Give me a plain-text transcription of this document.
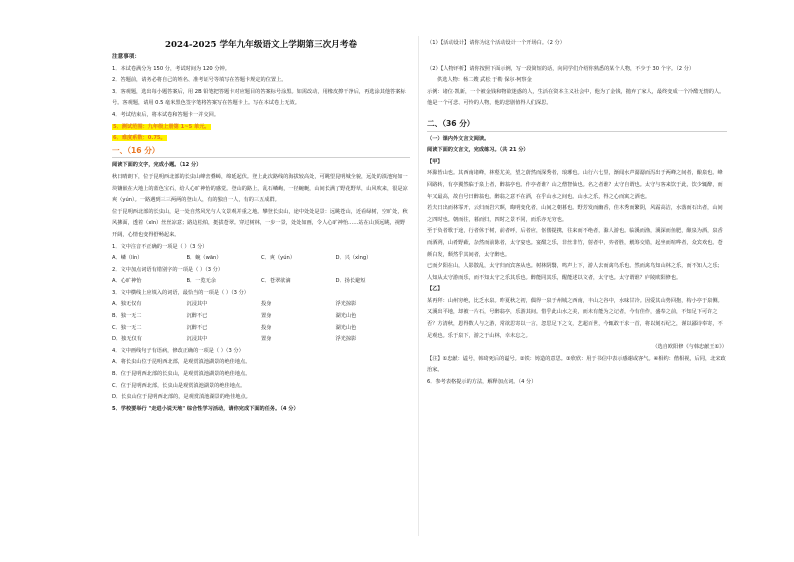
2024-2025 学年九年级语文上学期第三次月考卷
注意事项：
1．本试卷满分为 150 分，考试时间为 120 分钟。
2．答题前，请务必将自己的姓名、准考证号等填写在答题卡规定的位置上。
3．客观题，选出每小题答案后，用 2B 铅笔把答题卡对应题目的答案标号涂黑。如需改动，用橡皮擦干净后，再选涂其他答案标号。客观题，请用 0.5 毫米黑色签字笔将答案写在答题卡上。写在本试卷上无效。
4．考试结束后，将本试卷和答题卡一并交回。
5．测试范围：九年级上册第 1~5 单元。
6．难度系数：0.75。
一、（16 分）
阅读下面的文字，完成小题。（12 分）
秋日晴朗下，位于昆明西北部的长虫山峰峦叠嶂，绵延起伏。登上此次路线的海拔较高处，可眺望昆明城全貌，远处的滇池宛如一块镶嵌在大地上的蓝色宝石，给人心旷神怡的感觉。登山的路上，乱石嶙峋，一径蜿蜒，山间长满了野花野草，山风吹来，很是凉爽（yún）。一路遇到三三两两的登山人，有的独自一人，有的三五成群。
位于昆明西北部的长虫山，是一处自然风光与人文景观并重之地。攀登长虫山，途中处处是景：远眺苍山，近看绿树，空旷处，秋风拂面，透着（xīn）丝丝凉意；路边松柏，挺拔苍翠。穿过树林，一步一景，处处如画，令人心旷神怡……站在山顶远眺，视野开阔，心情也变得舒畅起来。
1．文中注音不正确的一项是（ ）（3 分）
A．嶙（lín）	B．蜿（wān）	C．爽（yún）	D．兴（xìng）
2．文中加点词语有错别字的一项是（ ）（3 分）
A．心旷神怡	B．一览无余	C．苍翠欲滴	D．扬长避短
3．文中横线上应填入的词语，最恰当的一项是（ ）（3 分）
A．独无仅有	沉浸其中	投身	浮光掠影
B．独一无二	沉醉不已	置身	湖光山色
C．独一无二	沉醉不已	投身	湖光山色
D．独无仅有	沉浸其中	置身	浮光掠影
4．文中画线句子有语病，修改正确的一项是（ ）（3 分）
A．将长虫山位于昆明西北部，是观赏滇池湖景的绝佳地点。
B．位于昆明西北部的长虫山，是观赏滇池湖景的绝佳地点。
C．位于昆明西北部，长虫山是观赏滇池湖景的绝佳地点。
D．长虫山位于昆明西北部的，是观赏滇池湖景的绝佳地点。
5．学校要举行 "走进小说天地" 综合性学习活动，请你完成下面的任务。（4 分）
（1）【活动设计】请你为这个活动设计一个开场白。（2 分）
（2）【人物评析】请你按照下面示例，写一段简短的话，向同学们介绍你熟悉的某个人物，不少于 30 个字。（2 分）
供选人物：杨二嫂 武松 于勒 保尔·柯察金
示例：诸位·凯新，一个被金钱和物欲迷惑的人，生活在资本主义社会中，他为了金钱，抛弃了家人，最终变成一个冷酷无情的人。他是一个可悲、可怜的人物，他的悲剧值得人们深思。
二、（36 分）
（一）课内外文言文阅读。
阅读下面的文言文，完成练习。（共 21 分）
【甲】
环滁皆山也。其西南诸峰，林壑尤美，望之蔚然而深秀者，琅琊也。山行六七里，渐闻水声潺潺而泻出于两峰之间者，酿泉也。峰回路转，有亭翼然临于泉上者，醉翁亭也。作亭者谁？山之僧智仙也。名之者谁？太守自谓也。太守与客来饮于此，饮少辄醉，而年又最高，故自号曰醉翁也。醉翁之意不在酒，在乎山水之间也。山水之乐，得之心而寓之酒也。
若夫日出而林霏开，云归而岩穴暝，晦明变化者，山间之朝暮也。野芳发而幽香，佳木秀而繁阴，风霜高洁，水落而石出者，山间之四时也。朝而往，暮而归，四时之景不同，而乐亦无穷也。
至于负者歌于途，行者休于树，前者呼，后者应，伛偻提携，往来而不绝者，滁人游也。临溪而渔，溪深而鱼肥，酿泉为酒，泉香而酒洌，山肴野蔌，杂然而前陈者，太守宴也。宴酣之乐，非丝非竹，射者中，弈者胜，觥筹交错，起坐而喧哗者，众宾欢也。苍颜白发，颓然乎其间者，太守醉也。
已而夕阳在山，人影散乱，太守归而宾客从也。树林阴翳，鸣声上下，游人去而禽鸟乐也。然而禽鸟知山林之乐，而不知人之乐；人知从太守游而乐，而不知太守之乐其乐也。醉能同其乐，醒能述以文者，太守也。太守谓谁？庐陵欧阳修也。
【乙】
某再拜：山州穷绝，比乏水泉。昨夏秋之初，偶得一泉于州城之西南，丰山之谷中，水味甘冷。因爱其山势回抱，构小亭于泉侧。又溪出平地，却被一片石，号醉翁亭，乐游其间。惜乎此山水之美，而未有能为之记者，今有佳作，盛奉之前，不知足下可许之否？方清秋，恩得数人与之游，常欲思寄以一言，忽思足下之文，艺超百世，今辄敢干求一首，将以刻石纪之，谨以鄙诗奉寄，不足观也。乐于泉下，游之于山林，幸未忘之。
（选自欧阳修《与韩忠献王①》）
【注】①忠献：谥号，韩琦死后的谥号。②铁：铸造的意思。③欣欣：用于书信中表示感谢或客气。④相约：偕相视，后同，北宋政治家。
6．参考表格提示的方法，解释加点词。（4 分）
